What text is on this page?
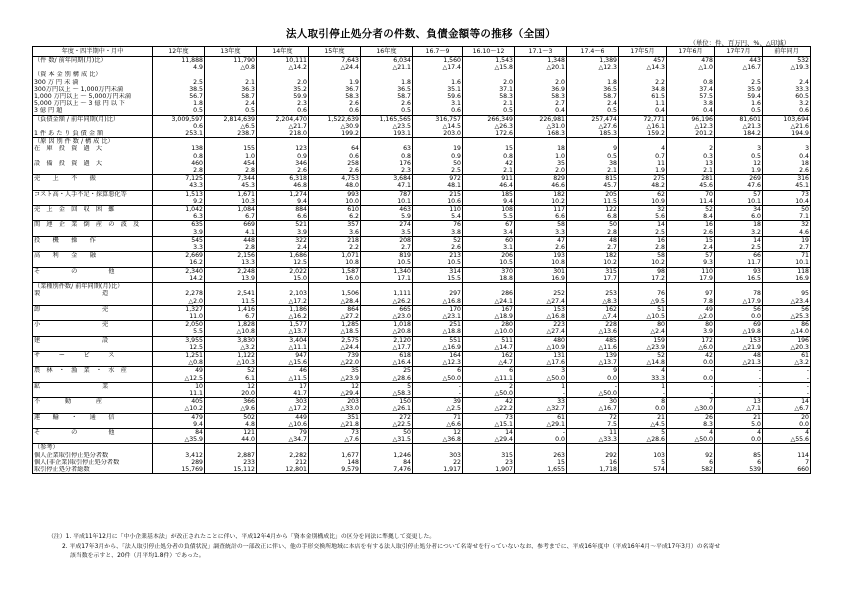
法人取引停止処分者の件数、負債金額等の推移（全国）
（単位：件、百万円、%、△印減）
年度・四半期中・月中	12年度	13年度	14年度	15年度	16年度	16.7～9	16.10～12	17.1～3	17.4～6	17年5月	17年6月	17年7月	前年同月
（件 数/ 前年同期(月)比）	11,888	11,790	10,111	7,643	6,034	1,560	1,543	1,348	1,389	457	478	443	532
	4.9	△0.8	△14.2	△24.4	△21.1	△17.4	△15.8	△20.1	△12.3	△14.3	△1.0	△16.7	△19.3
（資 本 金 別 構 成 比）													
300 万 円 未 満	2.5	2.1	2.0	1.9	1.8	1.6	2.0	2.0	1.8	2.2	0.8	2.5	2.4
300万円以上 ～ 1,000万円未満	38.5	36.3	35.2	36.7	36.5	35.1	37.1	36.9	36.5	34.8	37.4	35.9	33.3
1,000 万円以上 ～ 5,000万円未満	56.7	58.7	59.9	58.3	58.7	59.6	58.3	58.3	58.7	61.5	57.5	59.4	60.5
5,000 万円以上 ～ 3 億 円 以 下	1.8	2.4	2.3	2.6	2.6	3.1	2.1	2.7	2.4	1.1	3.8	1.6	3.2
3 億 円 超	0.5	0.5	0.6	0.6	0.5	0.6	0.5	0.4	0.5	0.4	0.4	0.5	0.6
（負債金額 / 前年同期(月)比）	3,009,597	2,814,639	2,204,470	1,522,639	1,165,565	316,757	266,349	226,981	257,474	72,771	96,196	81,601	103,694
	0.6	△6.5	△21.7	△30.9	△23.5	△14.5	△26.3	△31.0	△27.6	△16.1	△12.3	△21.3	△21.6
1 件 あ た り 負 債 金 額	253.1	238.7	218.0	199.2	193.1	203.0	172.6	168.3	185.3	159.2	201.2	184.2	194.9
（原 因 別 件 数 / 構 成 比）													
在　庫　投　資　過　大	138	155	123	64	63	19	15	18	9	4	2	3	3
	0.8	1.0	0.9	0.6	0.8	0.9	0.8	1.0	0.5	0.7	0.3	0.5	0.4
設　備　投　資　過　大	460	454	346	258	176	50	42	35	38	11	13	12	18
	2.8	2.8	2.6	2.6	2.3	2.5	2.1	2.0	2.1	1.9	2.1	1.9	2.6
売　　上　　不　　振	7,125	7,344	6,318	4,753	3,684	972	911	829	815	275	281	269	316
	43.3	45.3	46.8	48.0	47.1	48.1	46.4	46.6	45.7	48.2	45.6	47.6	45.1
コスト高・人手不足・採算悪化等	1,513	1,671	1,274	993	787	215	185	182	205	62	70	57	73
	9.2	10.3	9.4	10.0	10.1	10.6	9.4	10.2	11.5	10.9	11.4	10.1	10.4
売　上　金　回　収　困　難	1,042	1,084	884	610	463	110	108	117	122	32	52	34	50
	6.3	6.7	6.6	6.2	5.9	5.4	5.5	6.6	6.8	5.6	8.4	6.0	7.1
関　連　企　業　倒　産　の　波　及	635	669	521	357	274	76	67	58	50	14	16	18	32
	3.9	4.1	3.9	3.6	3.5	3.8	3.4	3.3	2.8	2.5	2.6	3.2	4.6
投　　機　　操　　作	545	448	322	218	208	52	60	47	48	16	15	14	19
	3.3	2.8	2.4	2.2	2.7	2.6	3.1	2.6	2.7	2.8	2.4	2.5	2.7
高　　利　　金　　融	2,669	2,156	1,686	1,071	819	213	206	193	182	58	57	66	71
	16.2	13.3	12.5	10.8	10.5	10.5	10.5	10.8	10.2	10.2	9.3	11.7	10.1
そ　　　　　の　　　　　他	2,340	2,248	2,022	1,587	1,340	314	370	301	315	98	110	93	118
	14.2	13.9	15.0	16.0	17.1	15.5	18.8	16.9	17.7	17.2	17.9	16.5	16.9
（業種別件数/ 前年同期(月)比）													
製　　　　　　　　　　造	2,278	2,541	2,103	1,506	1,111	297	286	252	253	76	97	78	95
	△2.0	11.5	△17.2	△28.4	△26.2	△16.8	△24.1	△27.4	△8.3	△9.5	7.8	△17.9	△23.4
卸　　　　　　　　　　売	1,327	1,416	1,186	864	665	170	167	153	162	51	49	56	56
	11.0	6.7	△16.2	△27.2	△23.0	△23.1	△18.9	△16.8	△7.4	△10.5	△2.0	0.0	△25.3
小　　　　　　　　　　売	2,050	1,828	1,577	1,285	1,018	251	280	223	228	80	80	69	86
	5.5	△10.8	△13.7	△18.5	△20.8	△18.8	△10.0	△27.4	△13.6	△2.4	3.9	△19.8	△14.0
建　　　　　　　　　　設	3,955	3,830	3,404	2,575	2,120	551	511	480	485	159	172	153	196
	12.5	△3.2	△11.1	△24.4	△17.7	△16.9	△14.7	△10.9	△11.6	△23.9	△6.0	△21.9	△20.3
サ　　　ー　　　ビ　　　ス	1,251	1,122	947	739	618	164	162	131	139	52	42	48	61
	△0.8	△10.3	△15.6	△22.0	△16.4	△12.3	△4.7	△17.6	△13.7	△14.8	0.0	△21.3	△3.2
農　林　・　漁　業　・　水　産	49	52	46	35	25	6	6	3	9	4	-	-	-
	△12.5	6.1	△11.5	△23.9	△28.6	△50.0	△11.1	△50.0	0.0	33.3	0.0	-	-
鉱　　　　　　　　　　業	10	12	17	12	5	-	2	1	-	1	-	-	-
	11.1	20.0	41.7	△29.4	△58.3	-	△50.0	-	△50.0	-	-	-	-
不　　　　動　　　　産	405	366	303	203	150	39	42	33	30	8	7	13	14
	△10.2	△9.6	△17.2	△33.0	△26.1	△2.5	△22.2	△32.7	△16.7	0.0	△30.0	△7.1	△6.7
運　　輸　　・　　通　　信	479	502	449	351	272	71	73	61	72	21	26	21	20
	9.4	4.8	△10.6	△21.8	△22.5	△6.6	△15.1	△29.1	7.5	△4.5	8.3	5.0	0.0
そ　　　　　の　　　　　他	84	121	79	73	50	12	14	-	11	5	4	4	4
	△35.9	44.0	△34.7	△7.6	△31.5	△36.8	△29.4	0.0	△33.3	△28.6	△50.0	0.0	△55.6
（参考）													
個人企業取引停止処分者数	3,412	2,887	2,282	1,677	1,246	303	315	263	292	103	92	85	114
個人(非企業)取引停止処分者数	289	233	212	148	84	22	23	15	16	5	6	6	7
取引停止処分者総数	15,769	15,112	12,801	9,579	7,476	1,917	1,907	1,655	1,718	574	582	539	660
（注）1. 平成11年12月に「中小企業基本法」が改正されたことに伴い、平成12年4月から「資本金別構成比」の区分を同法に準拠して変更した。
2. 平成17年3月から、「法人取引停止処分者の負債状況」調査統計の一部改正に伴い、他の手形交換所地域に本店を有する法人取引停止処分者について名寄せを行っていないなお、参考までに、平成16年度中（平成16年4月～平成17年3月）の名寄せ
該当数を示すと、20件（月平均1.8件）であった。
